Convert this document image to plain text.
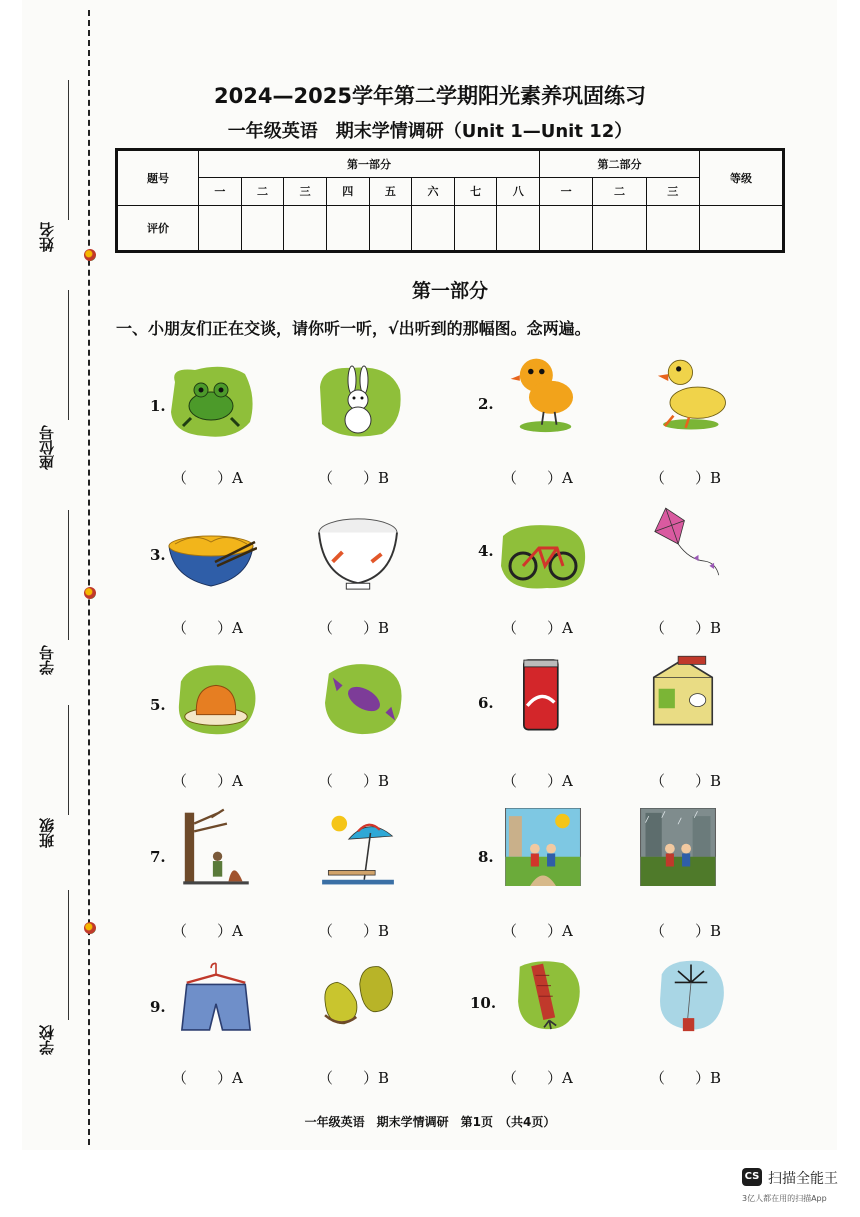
姓名
座位号
学号
班级
学校
2024—2025学年第二学期阳光素养巩固练习
一年级英语　期末学情调研（Unit 1—Unit 12）
题号	第一部分								第二部分			等级
	一	二	三	四	五	六	七	八	一	二	三	
评价												
第一部分
一、小朋友们正在交谈，请你听一听，√出听到的那幅图。念两遍。
1.
（　　）A	（　　）B
2.
（　　）A	（　　）B
3.
（　　）A	（　　）B
4.
（　　）A	（　　）B
5.
（　　）A	（　　）B
6.
（　　）A	（　　）B
7.
（　　）A	（　　）B
8.
（　　）A	（　　）B
9.
（　　）A	（　　）B
10.
（　　）A	（　　）B
一年级英语　期末学情调研　第1页　（共4页）
CS 扫描全能王
3亿人都在用的扫描App
